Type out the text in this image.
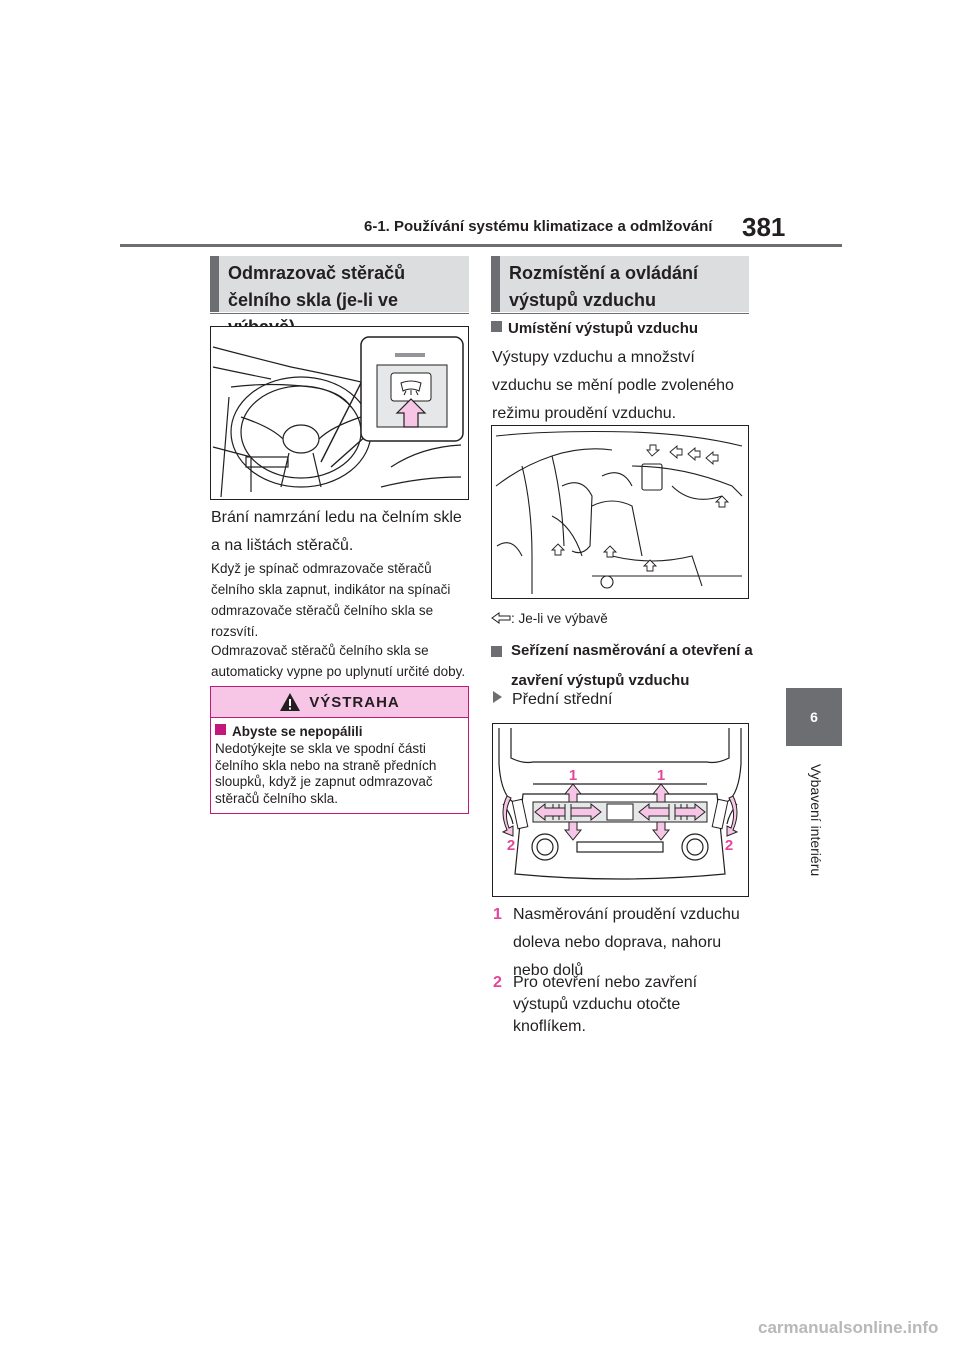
6-1. Používání systému klimatizace a odmlžování 381
6
Vybavení interiéru
Odmrazovač stěračů čelního skla (je-li ve
Brání namrzání ledu na čelním skle a na lištách stěračů.
Když je spínač odmrazovače stěračů čelního skla zapnut, indikátor na spínači odmrazovače stěračů čelního skla se rozsvítí.
Odmrazovač stěračů čelního skla se automaticky vypne po uplynutí určité doby.
VÝSTRAHA
Abyste se nepopálili
Nedotýkejte se skla ve spodní části čelního skla nebo na straně předních sloupků, když je zapnut odmrazovač stěračů čelního skla.
Rozmístění a ovládání výstupů vzduchu
Umístění výstupů vzduchu
Výstupy vzduchu a množství vzduchu se mění podle zvoleného režimu proudění vzduchu.
: Je-li ve výbavě
Seřízení nasměrování a otevření a zavření výstupů vzduchu
Přední střední
1	1
2	2
1 Nasměrování proudění vzduchu doleva nebo doprava, nahoru nebo dolů
2 Pro otevření nebo zavření výstupů vzduchu otočte knoflíkem.
carmanualsonline.info
